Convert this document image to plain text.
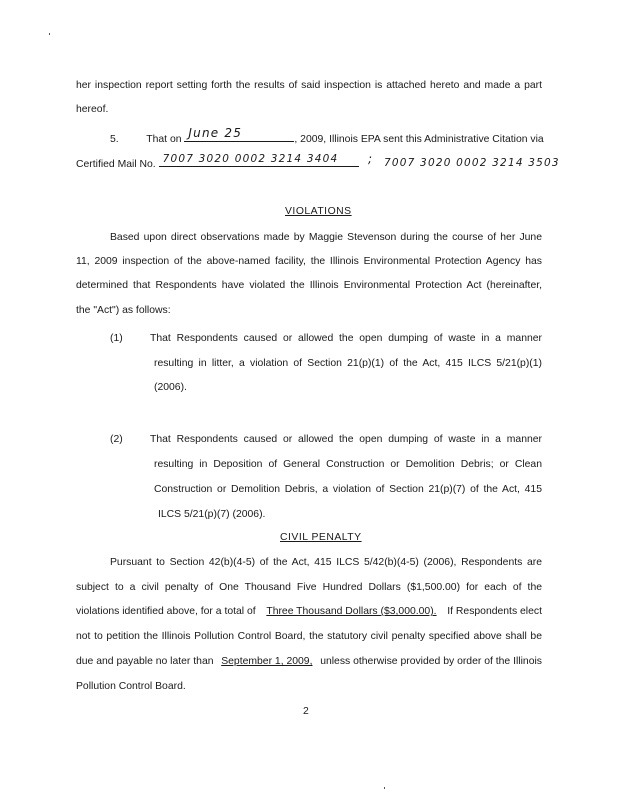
her inspection report setting forth the results of said inspection is attached hereto and made a part
hereof.
5.	That on June 25	, 2009, Illinois EPA sent this Administrative Citation via
Certified Mail No. 7007 3020 0002 3214 3404 ; 7007 3020 0002 3214 3503
VIOLATIONS
Based upon direct observations made by Maggie Stevenson during the course of her June
11, 2009 inspection of the above-named facility, the Illinois Environmental Protection Agency has
determined that Respondents have violated the Illinois Environmental Protection Act (hereinafter,
the "Act") as follows:
(1)	That Respondents caused or allowed the open dumping of waste in a manner
resulting in litter, a violation of Section 21(p)(1) of the Act, 415 ILCS 5/21(p)(1)
(2006).
(2)	That Respondents caused or allowed the open dumping of waste in a manner
resulting in Deposition of General Construction or Demolition Debris; or Clean
Construction or Demolition Debris, a violation of Section 21(p)(7) of the Act, 415
ILCS 5/21(p)(7) (2006).
CIVIL PENALTY
Pursuant to Section 42(b)(4-5) of the Act, 415 ILCS 5/42(b)(4-5) (2006), Respondents are
subject to a civil penalty of One Thousand Five Hundred Dollars ($1,500.00) for each of the
violations identified above, for a total of Three Thousand Dollars ($3,000.00). If Respondents elect
not to petition the Illinois Pollution Control Board, the statutory civil penalty specified above shall be
due and payable no later than September 1, 2009, unless otherwise provided by order of the Illinois
Pollution Control Board.
2
